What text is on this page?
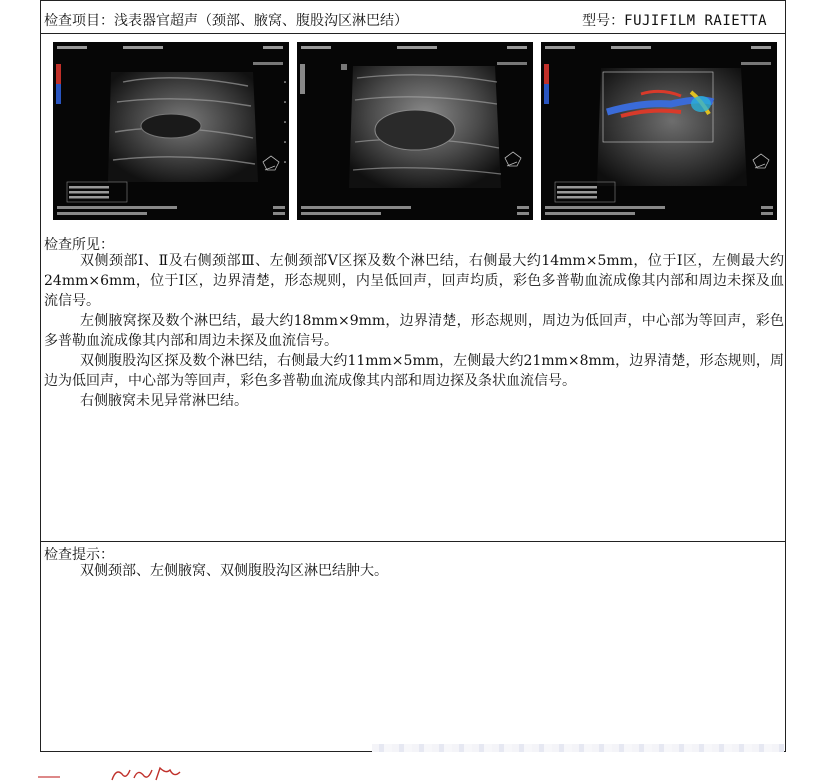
检查项目：浅表器官超声（颈部、腋窝、腹股沟区淋巴结）	型号：FUJIFILM RAIETTA
检查所见：

双侧颈部Ⅰ、Ⅱ及右侧颈部Ⅲ、左侧颈部Ⅴ区探及数个淋巴结，右侧最大约14mm×5mm，位于Ⅰ区，左侧最大约24mm×6mm，位于Ⅰ区，边界清楚，形态规则，内呈低回声，回声均质，彩色多普勒血流成像其内部和周边未探及血流信号。

左侧腋窝探及数个淋巴结，最大约18mm×9mm，边界清楚，形态规则，周边为低回声，中心部为等回声，彩色多普勒血流成像其内部和周边未探及血流信号。

双侧腹股沟区探及数个淋巴结，右侧最大约11mm×5mm，左侧最大约21mm×8mm，边界清楚，形态规则，周边为低回声，中心部为等回声，彩色多普勒血流成像其内部和周边探及条状血流信号。

右侧腋窝未见异常淋巴结。

检查提示：

双侧颈部、左侧腋窝、双侧腹股沟区淋巴结肿大。
